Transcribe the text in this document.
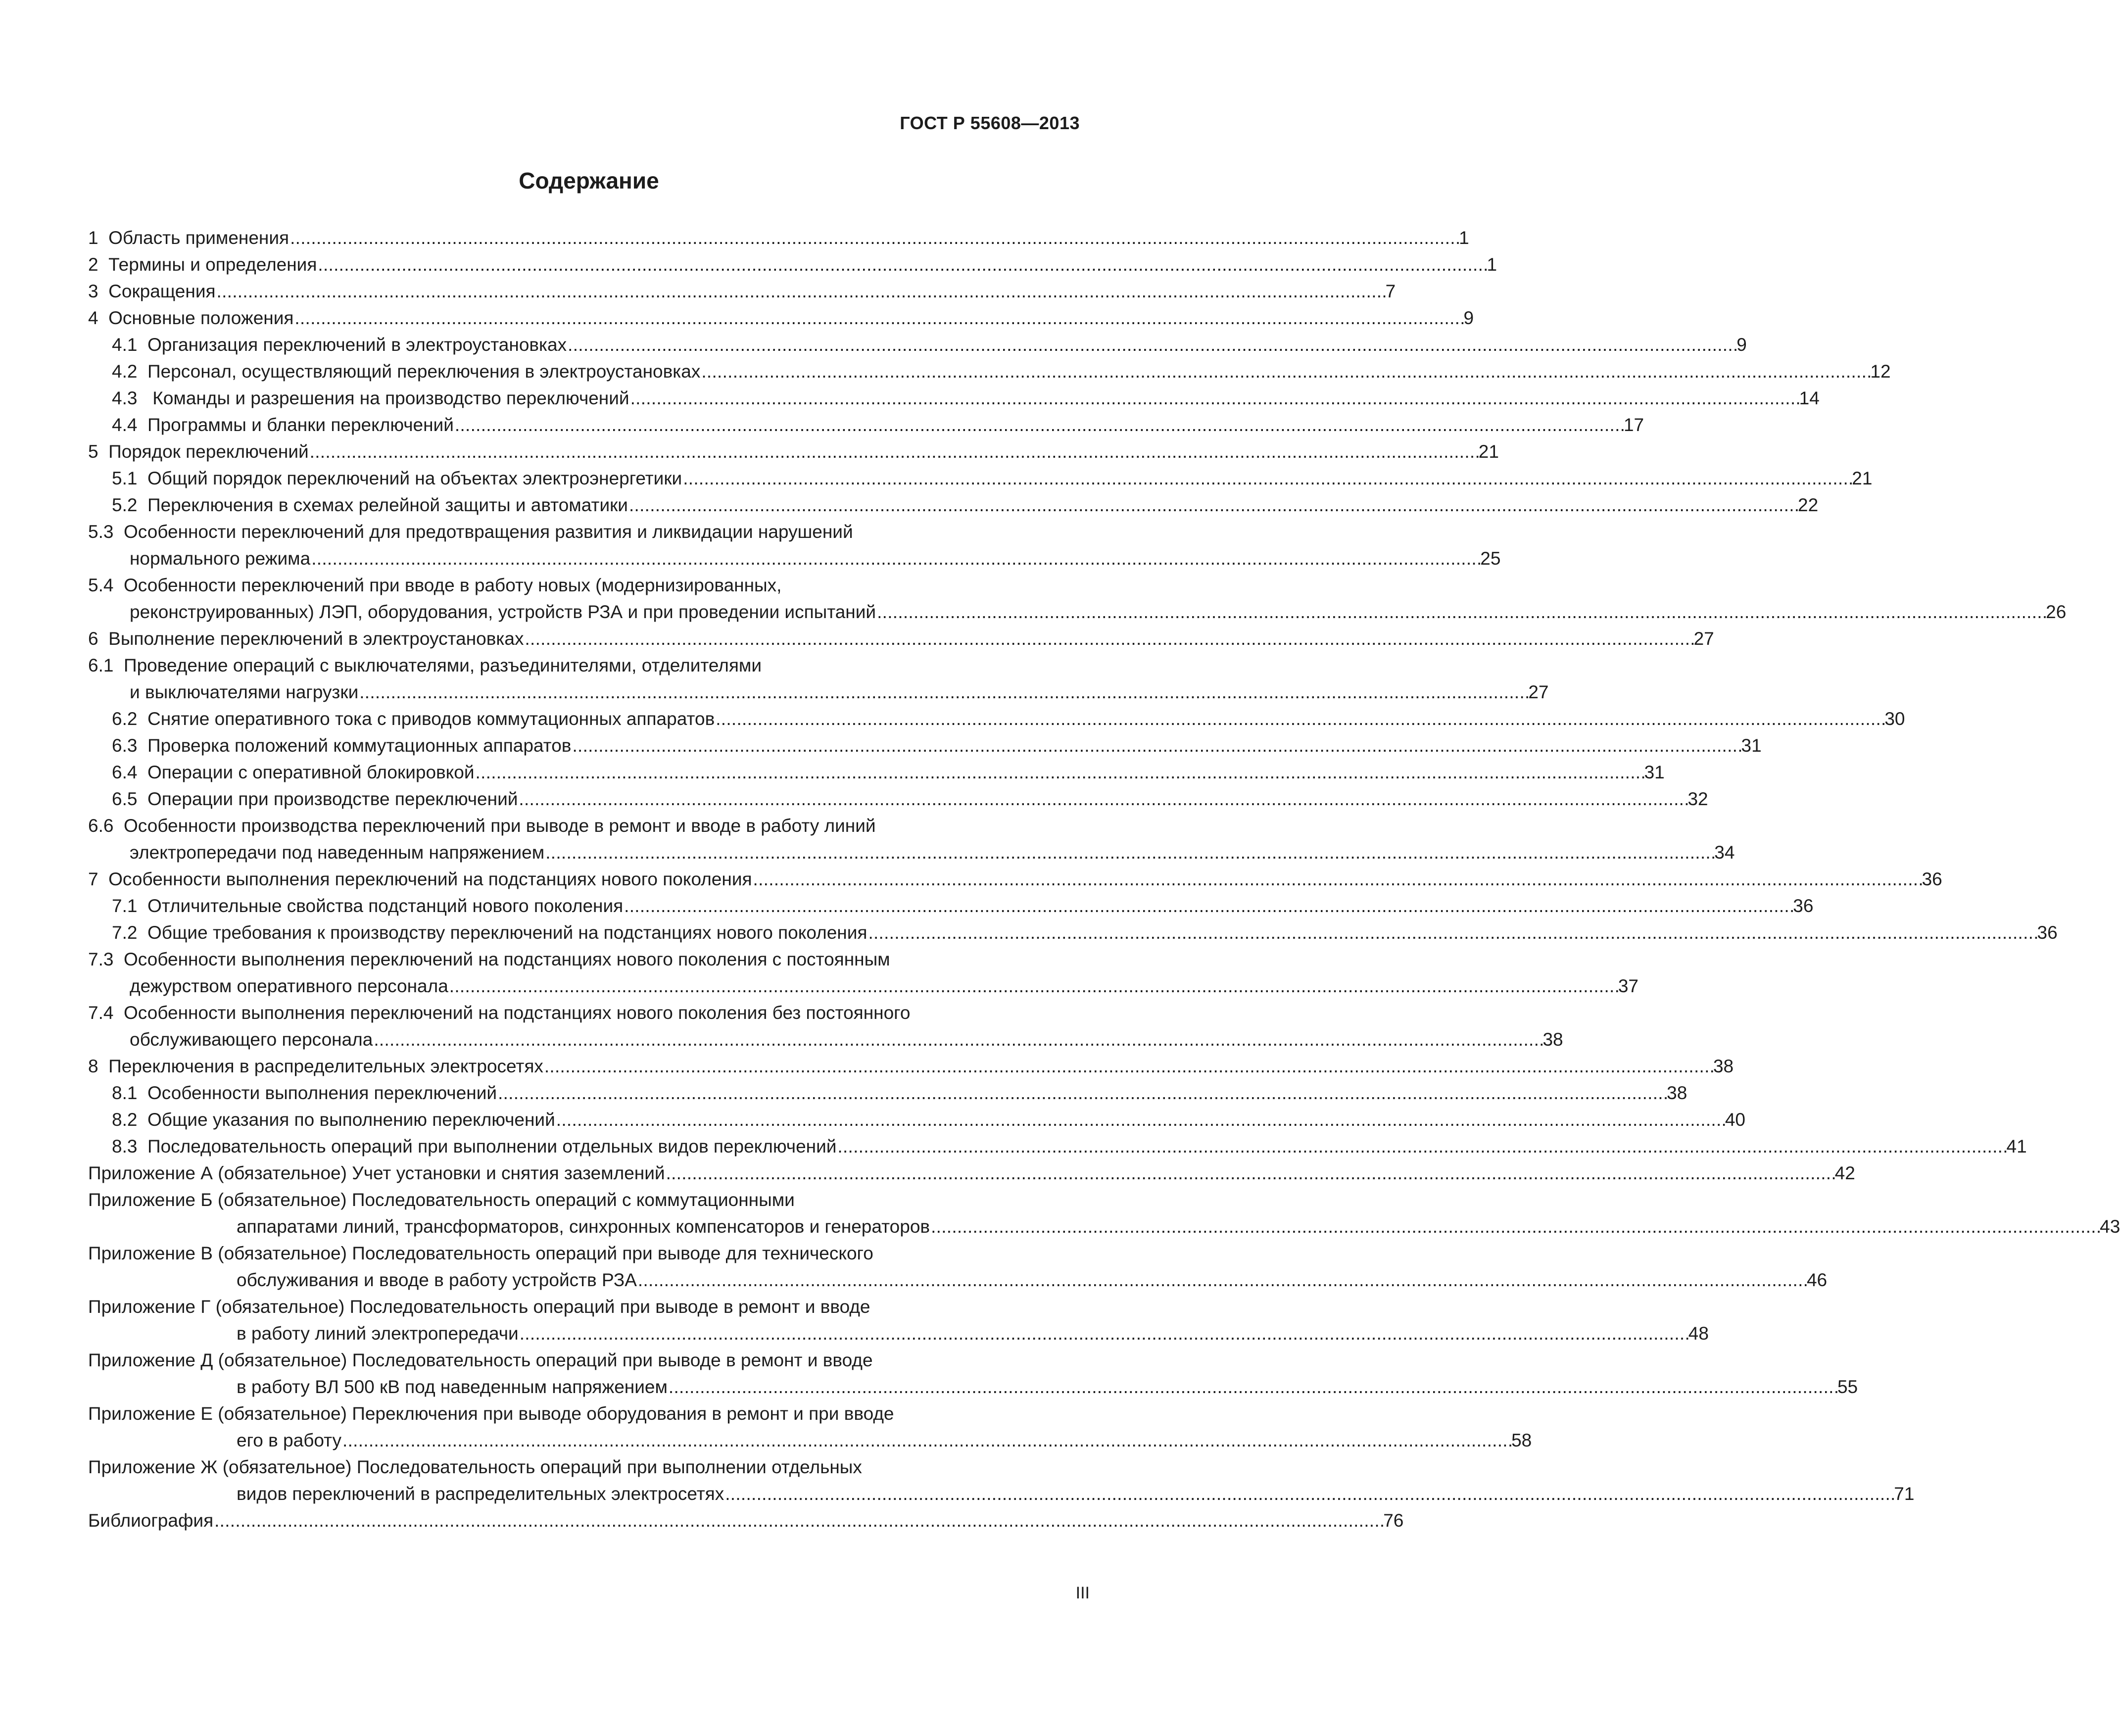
ГОСТ Р 55608—2013
Содержание
1 Область применения . . .	1
2 Термины и определения . . .	1
3 Сокращения . . .	7
4 Основные положения . . .	9
4.1 Организация переключений в электроустановках . . .	9
4.2 Персонал, осуществляющий переключения в электроустановках . . .	12
4.3   Команды и разрешения на производство переключений . . .	14
4.4 Программы и бланки переключений . . .	17
5 Порядок переключений . . .	21
5.1 Общий порядок переключений на объектах электроэнергетики . . .	21
5.2 Переключения в схемах релейной защиты и автоматики . . .	22
5.3 Особенности переключений для предотвращения развития и ликвидации нарушений
нормального режима . . .	25
5.4 Особенности переключений при вводе в работу новых (модернизированных,
реконструированных) ЛЭП, оборудования, устройств РЗА и при проведении испытаний . . .	26
6 Выполнение переключений в электроустановках . . .	27
6.1 Проведение операций с выключателями, разъединителями, отделителями
и выключателями нагрузки . . .	27
6.2 Снятие оперативного тока с приводов коммутационных аппаратов . . .	30
6.3 Проверка положений коммутационных аппаратов . . .	31
6.4 Операции с оперативной блокировкой . . .	31
6.5 Операции при производстве переключений . . .	32
6.6 Особенности производства переключений при выводе в ремонт и вводе в работу линий
электропередачи под наведенным напряжением . . .	34
7 Особенности выполнения переключений на подстанциях нового поколения . . .	36
7.1 Отличительные свойства подстанций нового поколения . . .	36
7.2 Общие требования к производству переключений на подстанциях нового поколения . . .	36
7.3 Особенности выполнения переключений на подстанциях нового поколения с постоянным
дежурством оперативного персонала . . .	37
7.4 Особенности выполнения переключений на подстанциях нового поколения без постоянного
обслуживающего персонала . . .	38
8 Переключения в распределительных электросетях . . .	38
8.1 Особенности выполнения переключений . . .	38
8.2 Общие указания по выполнению переключений . . .	40
8.3 Последовательность операций при выполнении отдельных видов переключений . . .	41
Приложение А (обязательное) Учет установки и снятия заземлений . . .	42
Приложение Б (обязательное) Последовательность операций с коммутационными
аппаратами линий, трансформаторов, синхронных компенсаторов и генераторов . . .	43
Приложение В (обязательное) Последовательность операций при выводе для технического
обслуживания и вводе в работу устройств РЗА . . .	46
Приложение Г (обязательное) Последовательность операций при выводе в ремонт и вводе
в работу линий электропередачи . . .	48
Приложение Д (обязательное) Последовательность операций при выводе в ремонт и вводе
в работу ВЛ 500 кВ под наведенным напряжением . . .	55
Приложение Е (обязательное) Переключения при выводе оборудования в ремонт и при вводе
его в работу . . .	58
Приложение Ж (обязательное) Последовательность операций при выполнении отдельных
видов переключений в распределительных электросетях . . .	71
Библиография . . .	76
III
